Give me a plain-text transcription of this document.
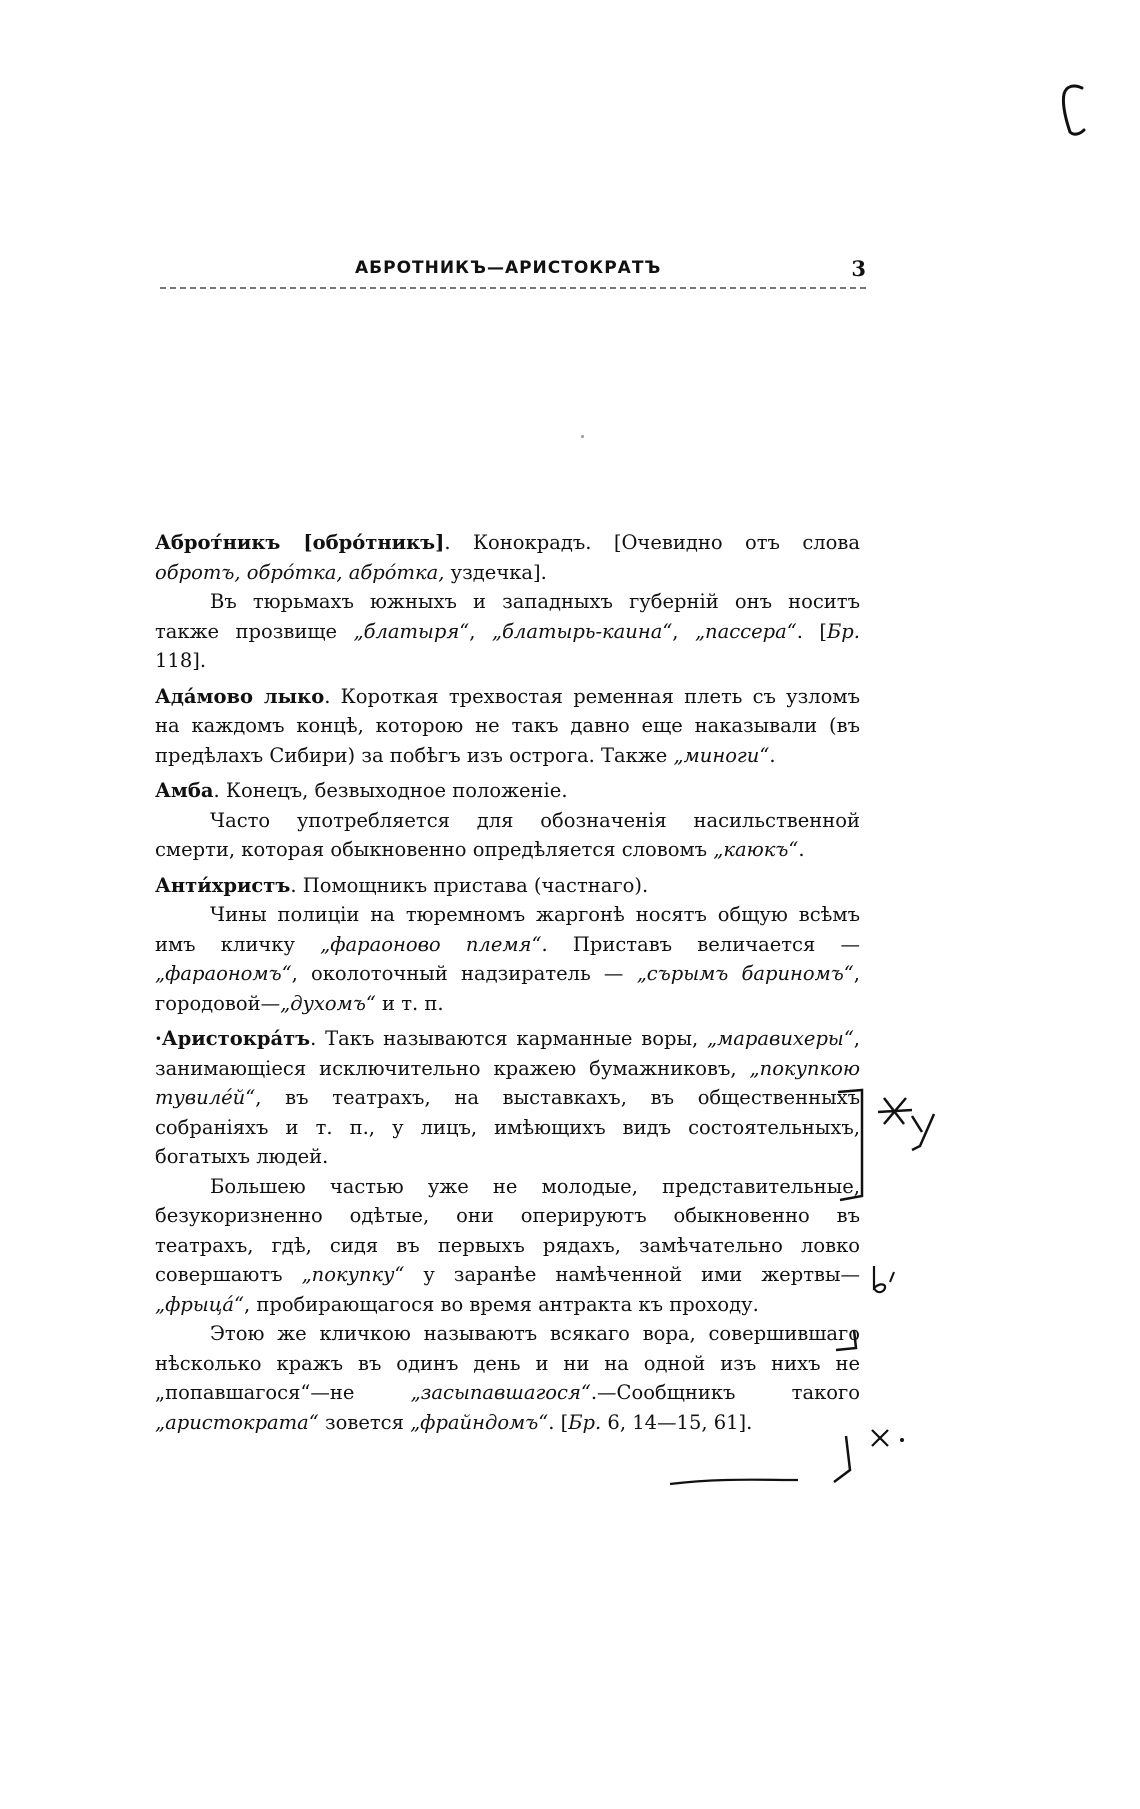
АБРОТНИКЪ—АРИСТОКРАТЪ	3

Аброт́никъ [обро́тникъ]. Конокрадъ. [Очевидно отъ слова обротъ, обро́тка, абро́тка, уздечка].

Въ тюрьмахъ южныхъ и западныхъ губерній онъ носитъ также прозвище „блатыря“, „блатырь-каина“, „пассера“. [Бр. 118].

Ада́мово лыко. Короткая трехвостая ременная плеть съ узломъ на каждомъ концѣ, которою не такъ давно еще наказывали (въ предѣлахъ Сибири) за побѣгъ изъ острога. Также „миноги“.

Амба. Конецъ, безвыходное положеніе.

Часто употребляется для обозначенія насильственной смерти, которая обыкновенно опредѣляется словомъ „каюкъ“.

Анти́христъ. Помощникъ пристава (частнаго).

Чины полиціи на тюремномъ жаргонѣ носятъ общую всѣмъ имъ кличку „фараоново племя“. Приставъ величается — „фараономъ“, околоточный надзиратель — „сърымъ бариномъ“, городовой—„духомъ“ и т. п.

·Аристокра́тъ. Такъ называются карманные воры, „маравихеры“, занимающіеся исключительно кражею бумажниковъ, „покупкою тувилéй“, въ театрахъ, на выставкахъ, въ общественныхъ собраніяхъ и т. п., у лицъ, имѣющихъ видъ состоятельныхъ, богатыхъ людей.

Большею частью уже не молодые, представительные, безукоризненно одѣтые, они оперируютъ обыкновенно въ театрахъ, гдѣ, сидя въ первыхъ рядахъ, замѣчательно ловко совершаютъ „покупку“ у заранѣе намѣченной ими жертвы— „фрыцá“, пробирающагося во время антракта къ проходу.

Этою же кличкою называютъ всякаго вора, совершившаго нѣсколько кражъ въ одинъ день и ни на одной изъ нихъ не „попавшагося“—не „засыпавшагося“.—Сообщникъ такого „аристократа“ зовется „фрайндомъ“. [Бр. 6, 14—15, 61].
